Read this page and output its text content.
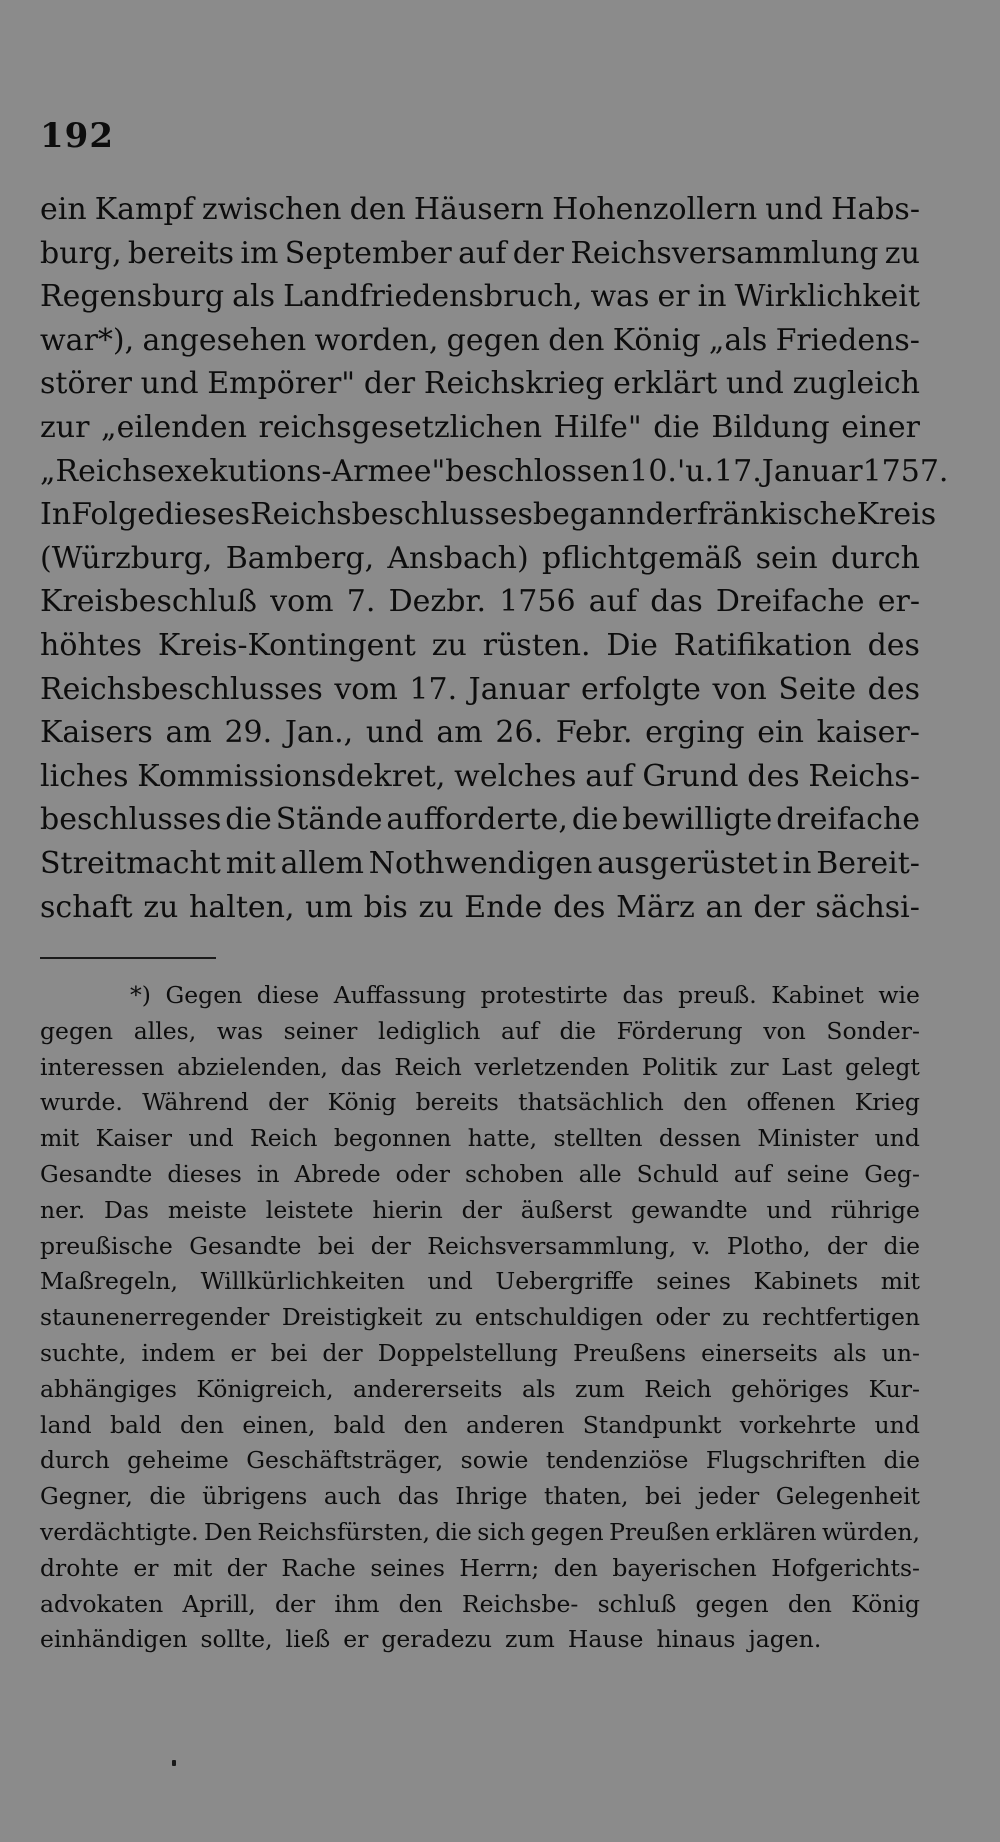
192
ein Kampf zwischen den Häusern Hohenzollern und Habs-
burg, bereits im September auf der Reichsversammlung zu
Regensburg als Landfriedensbruch, was er in Wirklichkeit
war*), angesehen worden, gegen den König „als Friedens-
störer und Empörer" der Reichskrieg erklärt und zugleich
zur „eilenden reichsgesetzlichen Hilfe" die Bildung einer
„Reichsexekutions-Armee" beschlossen 10.'u. 17. Januar 1757.
In Folge dieses Reichsbeschlusses begann der fränkische Kreis
(Würzburg, Bamberg, Ansbach) pflichtgemäß sein durch
Kreisbeschluß vom 7. Dezbr. 1756 auf das Dreifache er-
höhtes Kreis-Kontingent zu rüsten. Die Ratifikation des
Reichsbeschlusses vom 17. Januar erfolgte von Seite des
Kaisers am 29. Jan., und am 26. Febr. erging ein kaiser-
liches Kommissionsdekret, welches auf Grund des Reichs-
beschlusses die Stände aufforderte, die bewilligte dreifache
Streitmacht mit allem Nothwendigen ausgerüstet in Bereit-
schaft zu halten, um bis zu Ende des März an der sächsi-
*) Gegen diese Auffassung protestirte das preuß. Kabinet wie
gegen alles, was seiner lediglich auf die Förderung von Sonder-
interessen abzielenden, das Reich verletzenden Politik zur Last gelegt
wurde. Während der König bereits thatsächlich den offenen Krieg
mit Kaiser und Reich begonnen hatte, stellten dessen Minister und
Gesandte dieses in Abrede oder schoben alle Schuld auf seine Geg-
ner. Das meiste leistete hierin der äußerst gewandte und rührige
preußische Gesandte bei der Reichsversammlung, v. Plotho, der die
Maßregeln, Willkürlichkeiten und Uebergriffe seines Kabinets mit
staunenerregender Dreistigkeit zu entschuldigen oder zu rechtfertigen
suchte, indem er bei der Doppelstellung Preußens einerseits als un-
abhängiges Königreich, andererseits als zum Reich gehöriges Kur-
land bald den einen, bald den anderen Standpunkt vorkehrte und
durch geheime Geschäftsträger, sowie tendenziöse Flugschriften die
Gegner, die übrigens auch das Ihrige thaten, bei jeder Gelegenheit
verdächtigte. Den Reichsfürsten, die sich gegen Preußen erklären würden,
drohte er mit der Rache seines Herrn; den bayerischen Hofgerichts-
advokaten Aprill, der ihm den Reichsbe- schluß gegen den König
einhändigen sollte, ließ er geradezu zum Hause hinaus jagen.
